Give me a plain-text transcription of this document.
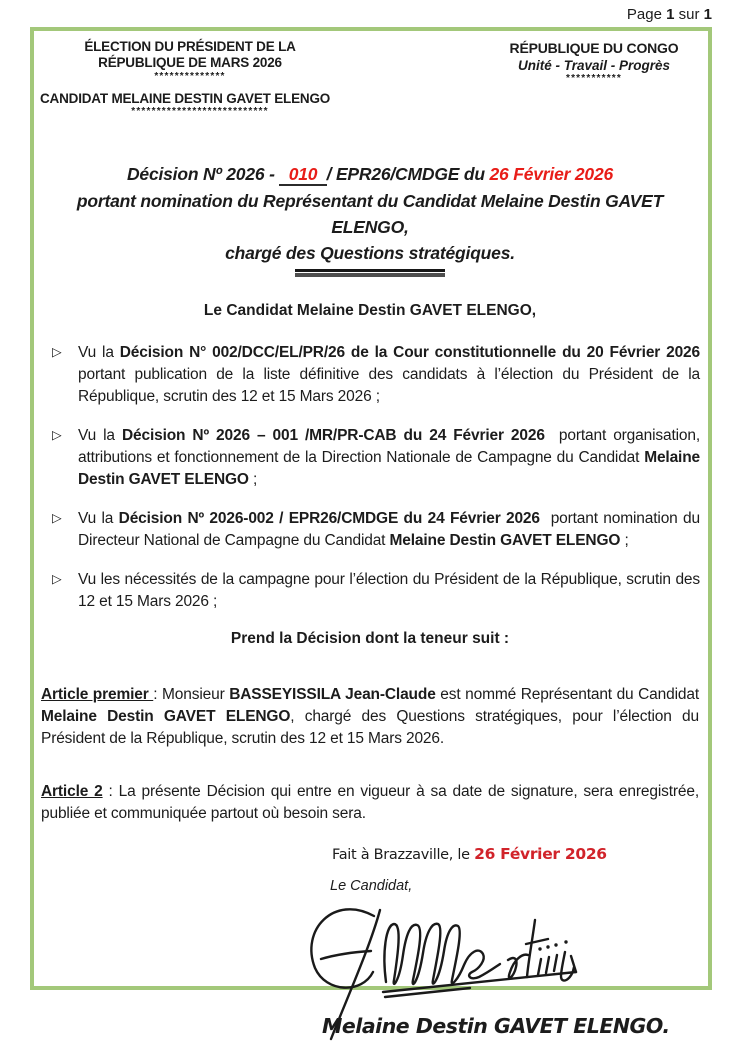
Page 1 sur 1
ÉLECTION DU PRÉSIDENT DE LA
RÉPUBLIQUE DE MARS 2026
**************
CANDIDAT MELAINE DESTIN GAVET ELENGO
***************************
RÉPUBLIQUE DU CONGO
Unité - Travail - Progrès
***********
Décision Nº 2026 -   010  / EPR26/CMDGE du 26 Février 2026
portant nomination du Représentant du Candidat Melaine Destin GAVET ELENGO,
chargé des Questions stratégiques.

Le Candidat Melaine Destin GAVET ELENGO,

▷	Vu la Décision N° 002/DCC/EL/PR/26 de la Cour constitutionnelle du 20 Février 2026 portant publication de la liste définitive des candidats à l’élection du Président de la République, scrutin des 12 et 15 Mars 2026 ;

▷	Vu la Décision Nº 2026 – 001 /MR/PR-CAB du 24 Février 2026  portant organisation, attributions et fonctionnement de la Direction Nationale de Campagne du Candidat Melaine Destin GAVET ELENGO ;

▷	Vu la Décision Nº 2026-002 / EPR26/CMDGE du 24 Février 2026  portant nomination du Directeur National de Campagne du Candidat Melaine Destin GAVET ELENGO ;

▷	Vu les nécessités de la campagne pour l’élection du Président de la République, scrutin des 12 et 15 Mars 2026 ;

Prend la Décision dont la teneur suit :

Article premier : Monsieur BASSEYISSILA Jean-Claude est nommé Représentant du Candidat Melaine Destin GAVET ELENGO, chargé des Questions stratégiques, pour l’élection du Président de la République, scrutin des 12 et 15 Mars 2026.

Article 2 : La présente Décision qui entre en vigueur à sa date de signature, sera enregistrée, publiée et communiquée partout où besoin sera.

Fait à Brazzaville, le 26 Février 2026
Le Candidat,
Melaine Destin GAVET ELENGO.
